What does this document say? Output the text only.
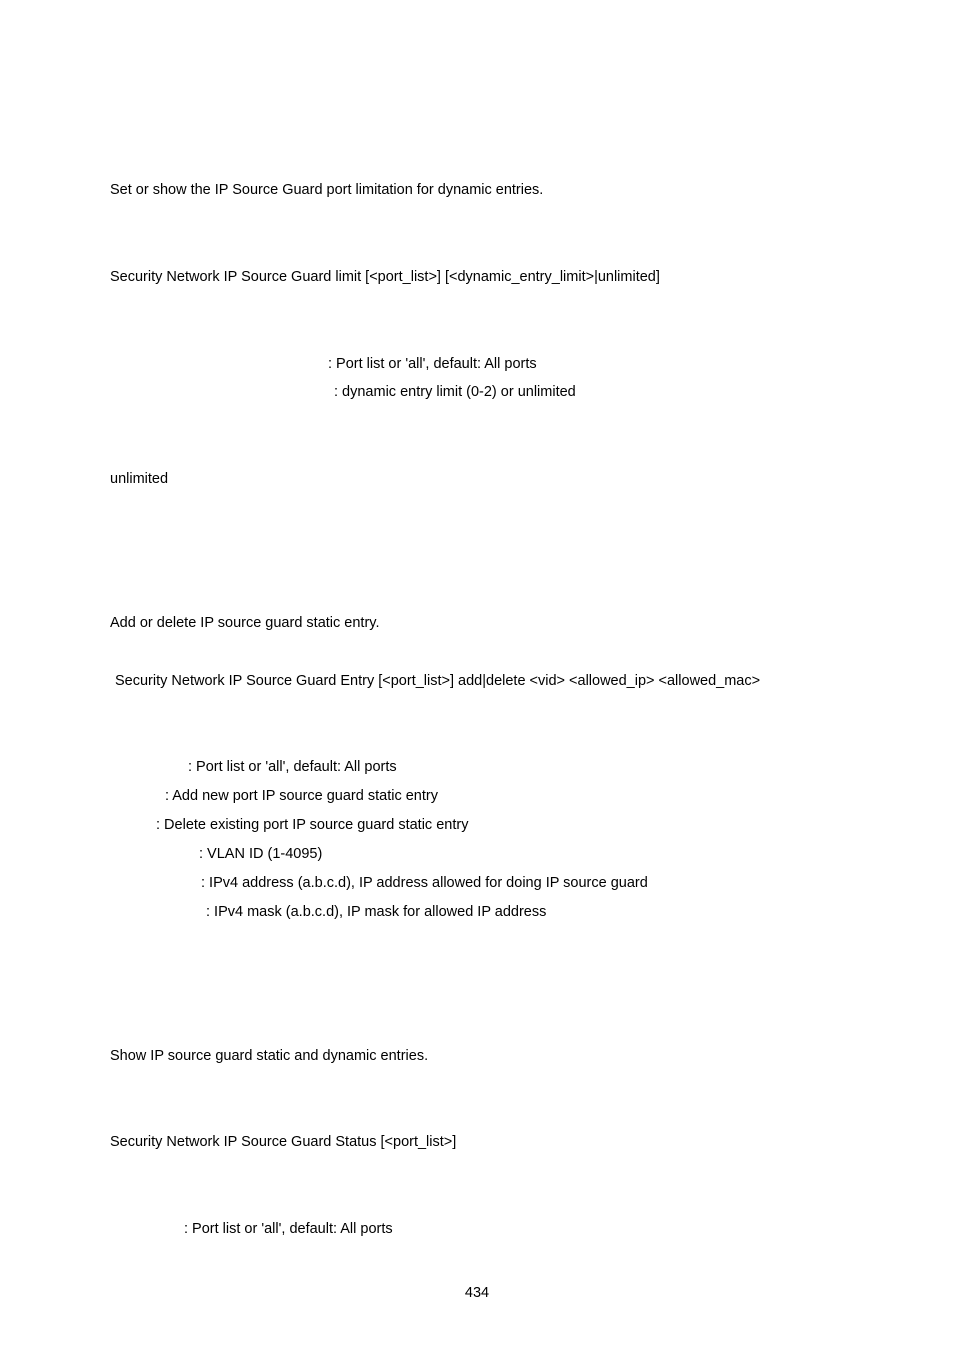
Set or show the IP Source Guard port limitation for dynamic entries.
Security Network IP Source Guard limit [<port_list>] [<dynamic_entry_limit>|unlimited]
: Port list or 'all', default: All ports
: dynamic entry limit (0-2) or unlimited
unlimited
Add or delete IP source guard static entry.
Security Network IP Source Guard Entry [<port_list>] add|delete <vid> <allowed_ip> <allowed_mac>
: Port list or 'all', default: All ports
: Add new port IP source guard static entry
: Delete existing port IP source guard static entry
: VLAN ID (1-4095)
: IPv4 address (a.b.c.d), IP address allowed for doing IP source guard
: IPv4 mask (a.b.c.d), IP mask for allowed IP address
Show IP source guard static and dynamic entries.
Security Network IP Source Guard Status [<port_list>]
: Port list or 'all', default: All ports
434
